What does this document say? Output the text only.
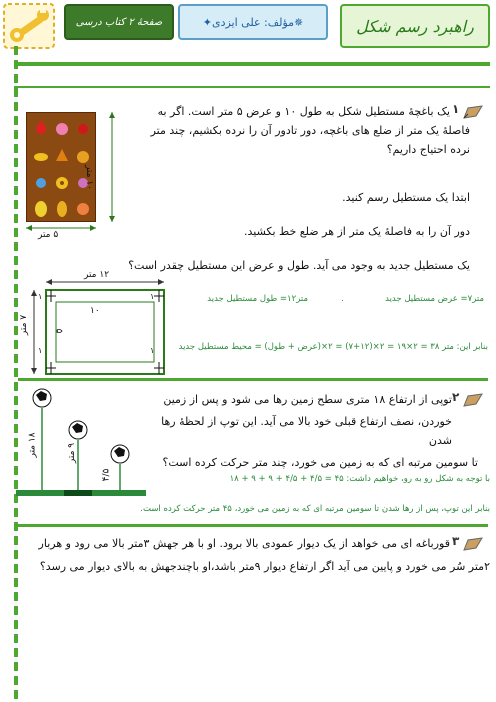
صفحهٔ ۲ کتاب درسی	✦مؤلف: علی ایزدی✵	راهبرد رسم شکل
۱
یک باغچهٔ مستطیل شکل به طول ۱۰ و عرض ۵ متر است. اگر به
فاصلهٔ یک متر از ضلع های باغچه، دور تادور آن را نرده بکشیم، چند متر
نرده احتیاج داریم؟
ابتدا یک مستطیل رسم کنید.
دور آن را به فاصلهٔ یک متر از هر ضلع خط بکشید.
یک مستطیل جدید به وجود می آید. طول و عرض این مستطیل چقدر است؟
۱۰ متر
۵ متر
۱۲ متر
۷ متر
۱۰
۵
۱	۱
۱	۱
متر۱۲= طول مستطیل جدید	.	متر۷= عرض مستطیل جدید
بنابر این: متر ۳۸ = ۲×۱۹ = ۲×(۱۲+۷) = ۲×(عرض + طول) = محیط مستطیل جدید
۲
توپی از ارتفاع ۱۸ متری سطح زمین رها می شود و پس از زمین
خوردن، نصف ارتفاع قبلی خود بالا می آید. این توپ از لحظهٔ رها شدن
تا سومین مرتبه ای که به زمین می خورد، چند متر حرکت کرده است؟
۱۸ متر
۹ متر
۴/۵	با توجه به شکل رو به رو، خواهیم داشت: ۴۵ = ۴/۵ + ۴/۵ + ۹ + ۹ + ۱۸
بنابر این توپ، پس از رها شدن تا سومین مرتبه ای که به زمین می خورد، ۴۵ متر حرکت کرده است.
۳
قورباغه ای می خواهد از یک دیوار عمودی بالا برود. او با هر جهش ۳متر بالا می رود و هربار
۲متر سُر می خورد و پایین می آید اگر ارتفاع دیوار ۹متر باشد،او باچندجهش به بالای دیوار می رسد؟
